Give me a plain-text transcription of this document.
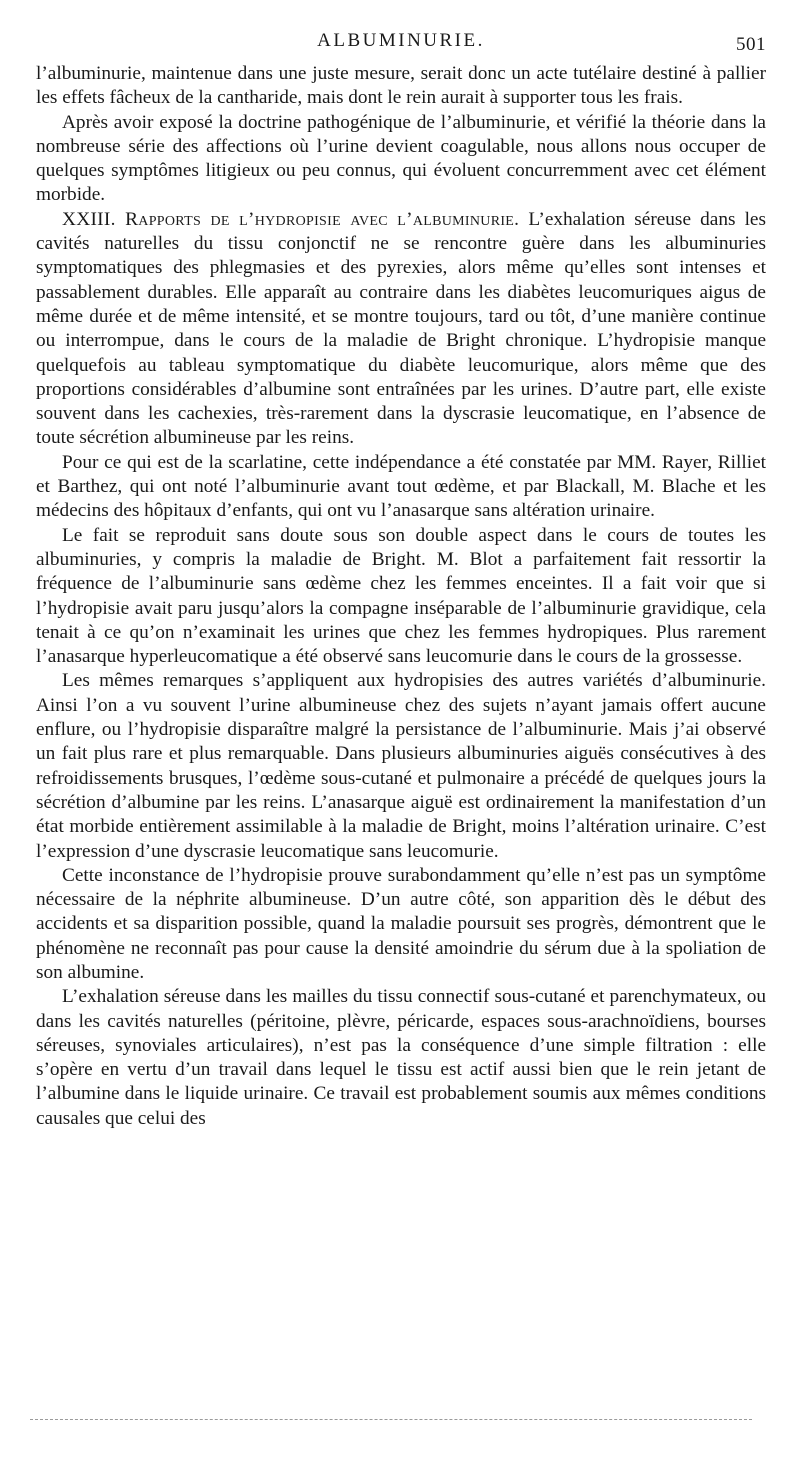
ALBUMINURIE.	501

l’albuminurie, maintenue dans une juste mesure, serait donc un acte tutélaire destiné à pallier les effets fâcheux de la cantharide, mais dont le rein aurait à supporter tous les frais.

Après avoir exposé la doctrine pathogénique de l’albuminurie, et vérifié la théorie dans la nombreuse série des affections où l’urine devient coagulable, nous allons nous occuper de quelques symptômes litigieux ou peu connus, qui évoluent concurremment avec cet élément morbide.

XXIII. Rapports de l’hydropisie avec l’albuminurie. L’exhalation séreuse dans les cavités naturelles du tissu conjonctif ne se rencontre guère dans les albuminuries symptomatiques des phlegmasies et des pyrexies, alors même qu’elles sont intenses et passablement durables. Elle apparaît au contraire dans les diabètes leucomuriques aigus de même durée et de même intensité, et se montre toujours, tard ou tôt, d’une manière continue ou interrompue, dans le cours de la maladie de Bright chronique. L’hydropisie manque quelquefois au tableau symptomatique du diabète leucomurique, alors même que des proportions considérables d’albumine sont entraînées par les urines. D’autre part, elle existe souvent dans les cachexies, très-rarement dans la dyscrasie leucomatique, en l’absence de toute sécrétion albumineuse par les reins.

Pour ce qui est de la scarlatine, cette indépendance a été constatée par MM. Rayer, Rilliet et Barthez, qui ont noté l’albuminurie avant tout œdème, et par Blackall, M. Blache et les médecins des hôpitaux d’enfants, qui ont vu l’anasarque sans altération urinaire.

Le fait se reproduit sans doute sous son double aspect dans le cours de toutes les albuminuries, y compris la maladie de Bright. M. Blot a parfaitement fait ressortir la fréquence de l’albuminurie sans œdème chez les femmes enceintes. Il a fait voir que si l’hydropisie avait paru jusqu’alors la compagne inséparable de l’albuminurie gravidique, cela tenait à ce qu’on n’examinait les urines que chez les femmes hydropiques. Plus rarement l’anasarque hyperleucomatique a été observé sans leucomurie dans le cours de la grossesse.

Les mêmes remarques s’appliquent aux hydropisies des autres variétés d’albuminurie. Ainsi l’on a vu souvent l’urine albumineuse chez des sujets n’ayant jamais offert aucune enflure, ou l’hydropisie disparaître malgré la persistance de l’albuminurie. Mais j’ai observé un fait plus rare et plus remarquable. Dans plusieurs albuminuries aiguës consécutives à des refroidissements brusques, l’œdème sous-cutané et pulmonaire a précédé de quelques jours la sécrétion d’albumine par les reins. L’anasarque aiguë est ordinairement la manifestation d’un état morbide entièrement assimilable à la maladie de Bright, moins l’altération urinaire. C’est l’expression d’une dyscrasie leucomatique sans leucomurie.

Cette inconstance de l’hydropisie prouve surabondamment qu’elle n’est pas un symptôme nécessaire de la néphrite albumineuse. D’un autre côté, son apparition dès le début des accidents et sa disparition possible, quand la maladie poursuit ses progrès, démontrent que le phénomène ne reconnaît pas pour cause la densité amoindrie du sérum due à la spoliation de son albumine.

L’exhalation séreuse dans les mailles du tissu connectif sous-cutané et parenchymateux, ou dans les cavités naturelles (péritoine, plèvre, péricarde, espaces sous-arachnoïdiens, bourses séreuses, synoviales articulaires), n’est pas la conséquence d’une simple filtration : elle s’opère en vertu d’un travail dans lequel le tissu est actif aussi bien que le rein jetant de l’albumine dans le liquide urinaire. Ce travail est probablement soumis aux mêmes conditions causales que celui des
